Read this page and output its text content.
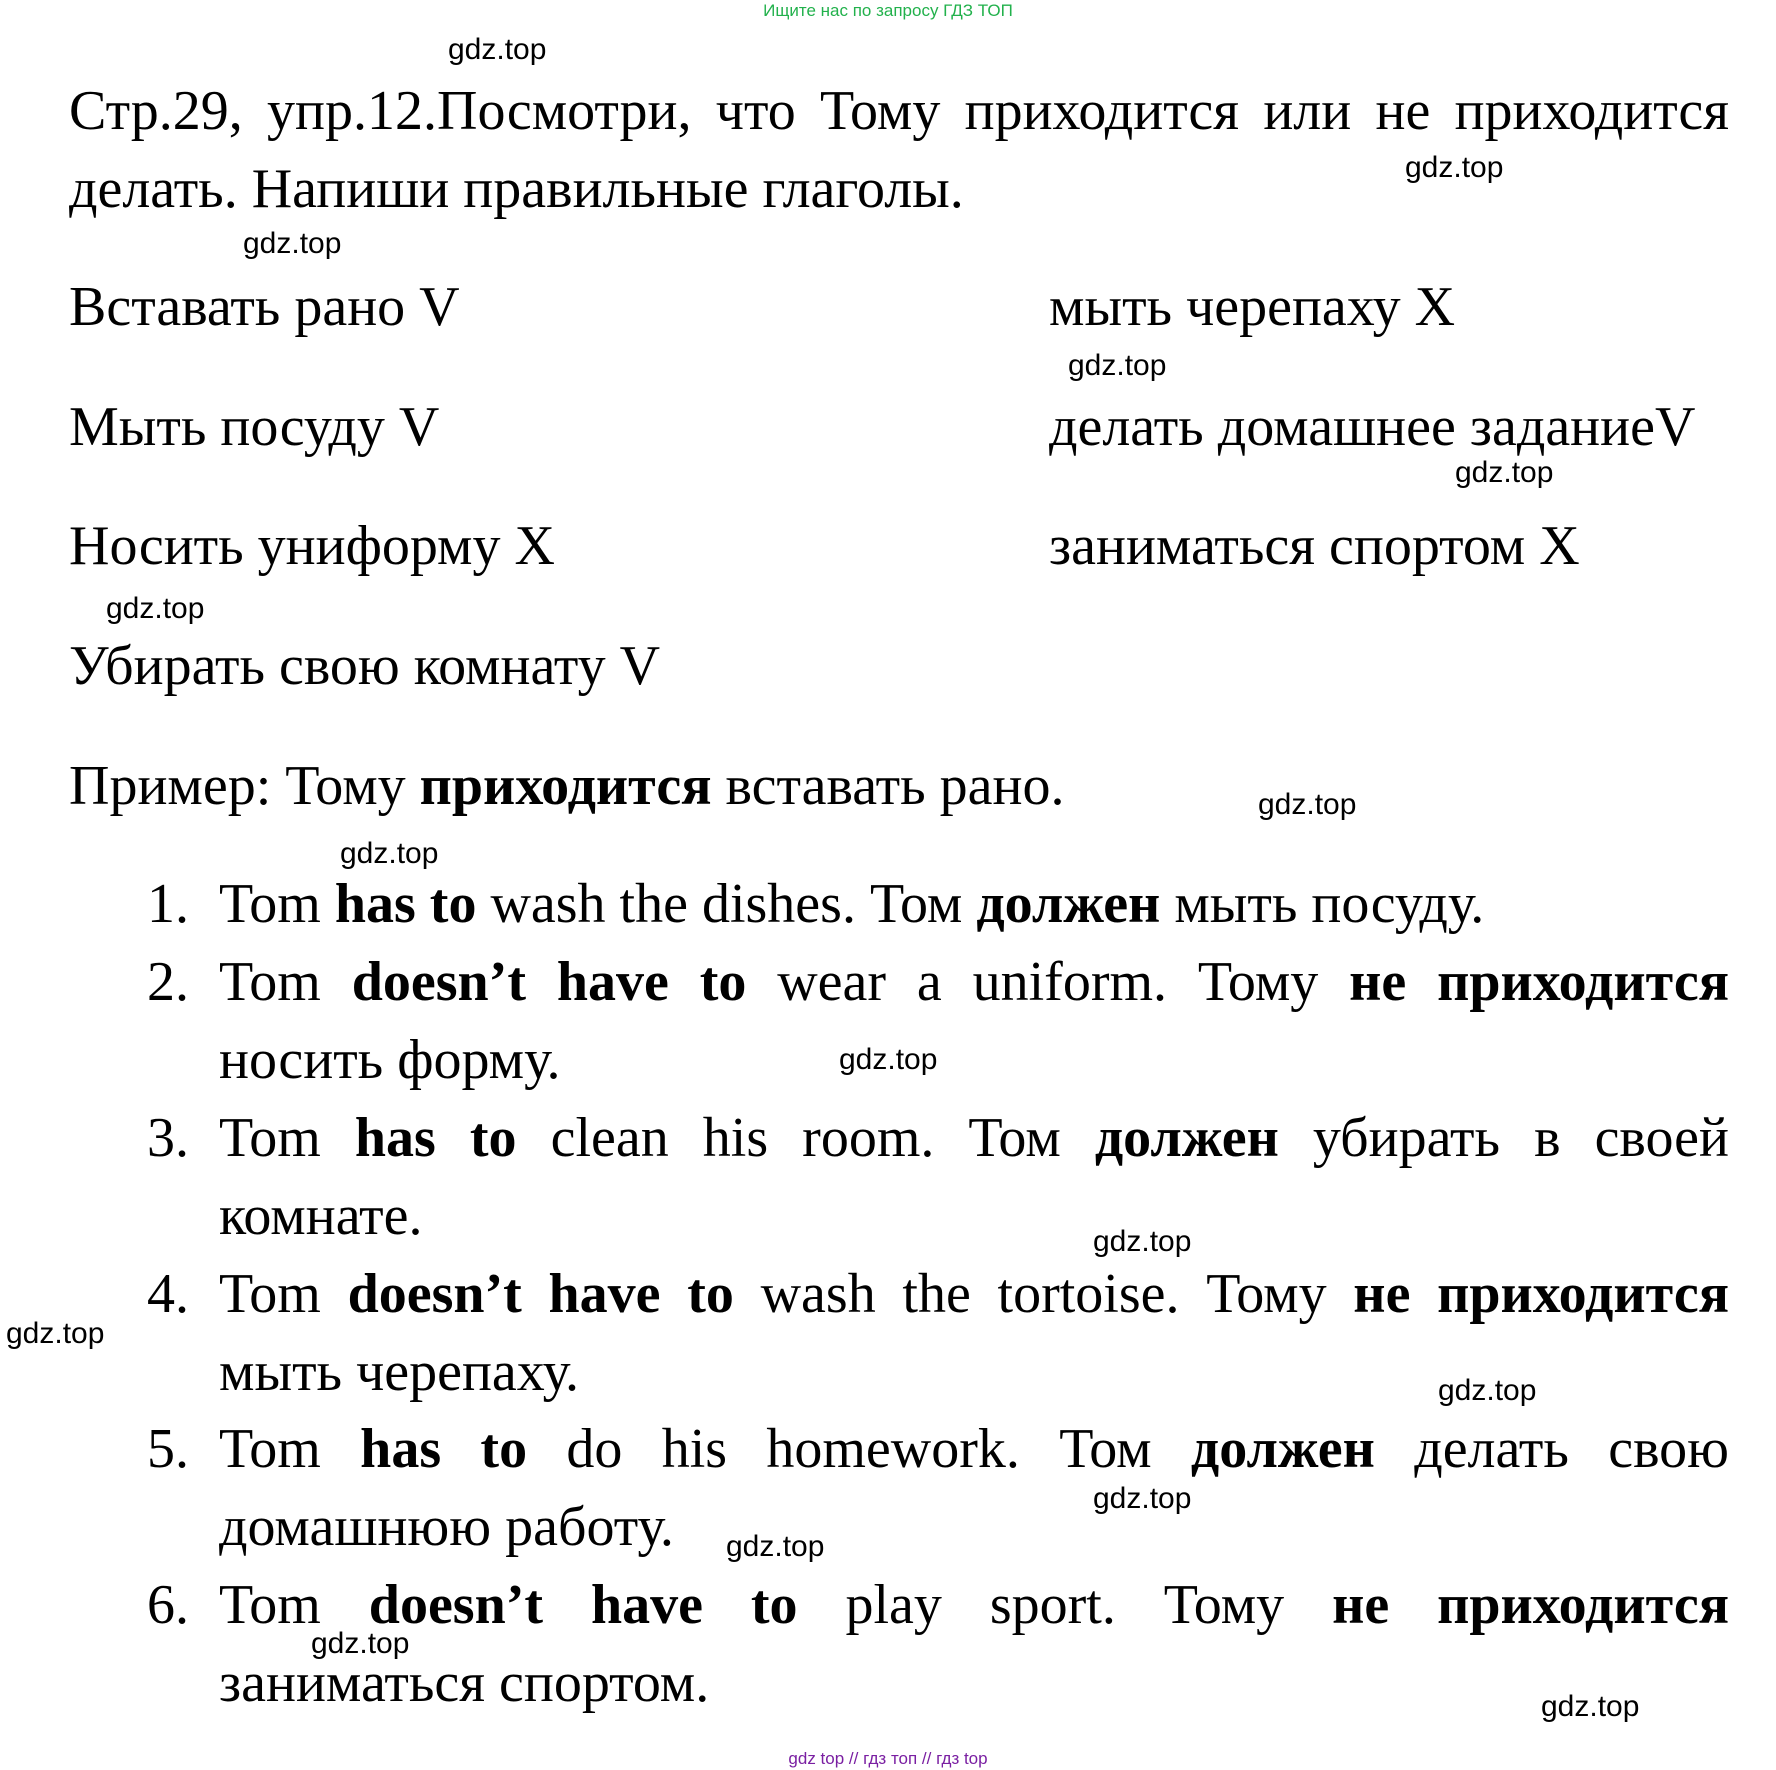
Ищите нас по запросу ГДЗ ТОП
Стр.29, упр.12.Посмотри, что Тому приходится или не приходится делать. Напиши правильные глаголы.
Вставать рано V	мыть черепаху X
Мыть посуду V	делать домашнее заданиеV
Носить униформу X	заниматься спортом X
Убирать свою комнату V
Пример: Тому приходится вставать рано.
1. Tom has to wash the dishes. Том должен мыть посуду.
2. Tom doesn’t have to wear a uniform. Тому не приходится носить форму.
3. Tom has to clean his room. Том должен убирать в своей комнате.
4. Tom doesn’t have to wash the tortoise. Тому не приходится мыть черепаху.
5. Tom has to do his homework. Том должен делать свою домашнюю работу.
6. Tom doesn’t have to play sport. Тому не приходится заниматься спортом.
gdz.top
gdz.top
gdz.top
gdz.top
gdz.top
gdz.top
gdz.top
gdz.top
gdz.top
gdz.top
gdz.top
gdz.top
gdz.top
gdz.top
gdz.top
gdz.top
gdz top // гдз топ // гдз top
